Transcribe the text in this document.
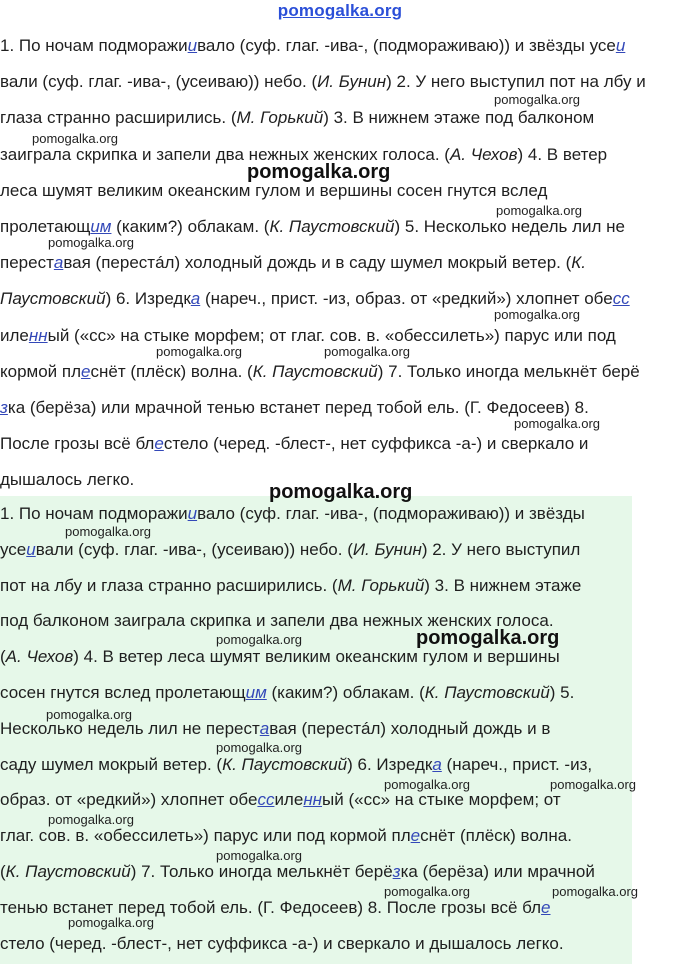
pomogalka.org
1. По ночам подморажиивало (суф. глаг. -ива-, (подмораживаю)) и звёзды усеи
вали (суф. глаг. -ива-, (усеиваю)) небо. (И. Бунин) 2. У него выступил пот на лбу и
глаза странно расширились. (М. Горький) 3. В нижнем этаже под балконом
заиграла скрипка и запели два нежных женских голоса. (А. Чехов) 4. В ветер
леса шумят великим океанским гулом и вершины сосен гнутся вслед
пролетающим (каким?) облакам. (К. Паустовский) 5. Несколько недель лил не
переставая (перестáл) холодный дождь и в саду шумел мокрый ветер. (К.
Паустовский) 6. Изредка (нареч., прист. -из, образ. от «редкий») хлопнет обесс
иленный («сс» на стыке морфем; от глаг. сов. в. «обессилеть») парус или под
кормой плеснёт (плёск) волна. (К. Паустовский) 7. Только иногда мелькнёт берё
зка (берёза) или мрачной тенью встанет перед тобой ель. (Г. Федосеев) 8.
После грозы всё блестело (черед. -блест-, нет суффикса -а-) и сверкало и
дышалось легко.
1. По ночам подморажиивало (суф. глаг. -ива-, (подмораживаю)) и звёзды
усеивали (суф. глаг. -ива-, (усеиваю)) небо. (И. Бунин) 2. У него выступил
пот на лбу и глаза странно расширились. (М. Горький) 3. В нижнем этаже
под балконом заиграла скрипка и запели два нежных женских голоса.
(А. Чехов) 4. В ветер леса шумят великим океанским гулом и вершины
сосен гнутся вслед пролетающим (каким?) облакам. (К. Паустовский) 5.
Несколько недель лил не переставая (перестáл) холодный дождь и в
саду шумел мокрый ветер. (К. Паустовский) 6. Изредка (нареч., прист. -из,
образ. от «редкий») хлопнет обессиленный («сс» на стыке морфем; от
глаг. сов. в. «обессилеть») парус или под кормой плеснёт (плёск) волна.
(К. Паустовский) 7. Только иногда мелькнёт берёзка (берёза) или мрачной
тенью встанет перед тобой ель. (Г. Федосеев) 8. После грозы всё бле
стело (черед. -блест-, нет суффикса -а-) и сверкало и дышалось легко.
pomogalka.org
pomogalka.org
pomogalka.org
pomogalka.org
pomogalka.org
pomogalka.org
pomogalka.org	pomogalka.org
pomogalka.org
pomogalka.org
pomogalka.org
pomogalka.org	pomogalka.org
pomogalka.org
pomogalka.org
pomogalka.org	pomogalka.org
pomogalka.org
pomogalka.org
pomogalka.org	pomogalka.org
pomogalka.org
